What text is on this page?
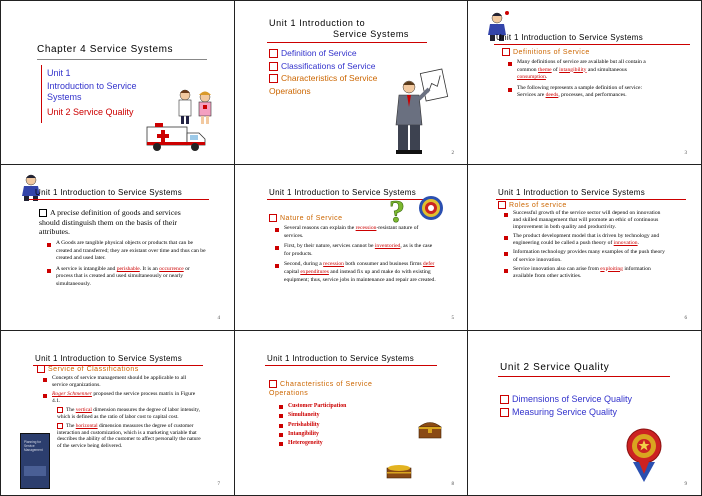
Chapter 4 Service Systems
Unit 1
Introduction to Service Systems
Unit 2 Service Quality
Unit 1 Introduction to
Service Systems
Definition of Service
Classifications of Service
Characteristics of Service Operations
2
Unit 1 Introduction to Service Systems
Definitions of Service
Many definitions of service are available but all contain a common theme of intangibility and simultaneous consumption.
The following represents a sample definition of service: Services are deeds, processes, and performances.
3
Unit 1 Introduction to Service Systems
A precise definition of goods and services should distinguish them on the basis of their attributes.
A Goods are tangible physical objects or products that can be created and transferred; they are existant over time and thus can be created and used later.
A service is intangible and perishable. It is an occurrence or process that is created and used simultaneously or nearly simultaneously.
4
Unit 1 Introduction to Service Systems
?
Nature of Service
Several reasons can explain the recession-resistant nature of services.
First, by their nature, services cannot be inventoried, as is the case for products.
Second, during a recession both consumer and business firms defer capital expenditures and instead fix up and make do with existing equipment; thus, service jobs in maintenance and repair are created.
5
Unit 1 Introduction to Service Systems
Roles of service
Successful growth of the service sector will depend on innovation and skilled management that will promote an ethic of continuous improvement in both quality and productivity.
The product development model that is driven by technology and engineering could be called a push theory of innovation.
Information technology provides many examples of the push theory of service innovation.
Service innovation also can arise from exploiting information available from other activities.
6
Unit 1 Introduction to Service Systems
Service of Classifications
Concepts of service management should be applicable to all service organizations.
Roger Schmenner proposed the service process matrix in Figure 4.1.
The vertical dimension measures the degree of labor intensity, which is defined as the ratio of labor cost to capital cost.
The horizontal dimension measures the degree of customer interaction and customization, which is a marketing variable that describes the ability of the customer to affect personally the nature of the service being delivered.
Planning for Service Management
7
Unit 1 Introduction to Service Systems
Characteristics of Service Operations
Customer Participation
Simultaneity
Perishability
Intangibility
Heterogeneity
8
Unit 2 Service Quality
Dimensions of Service Quality
Measuring Service Quality
9
